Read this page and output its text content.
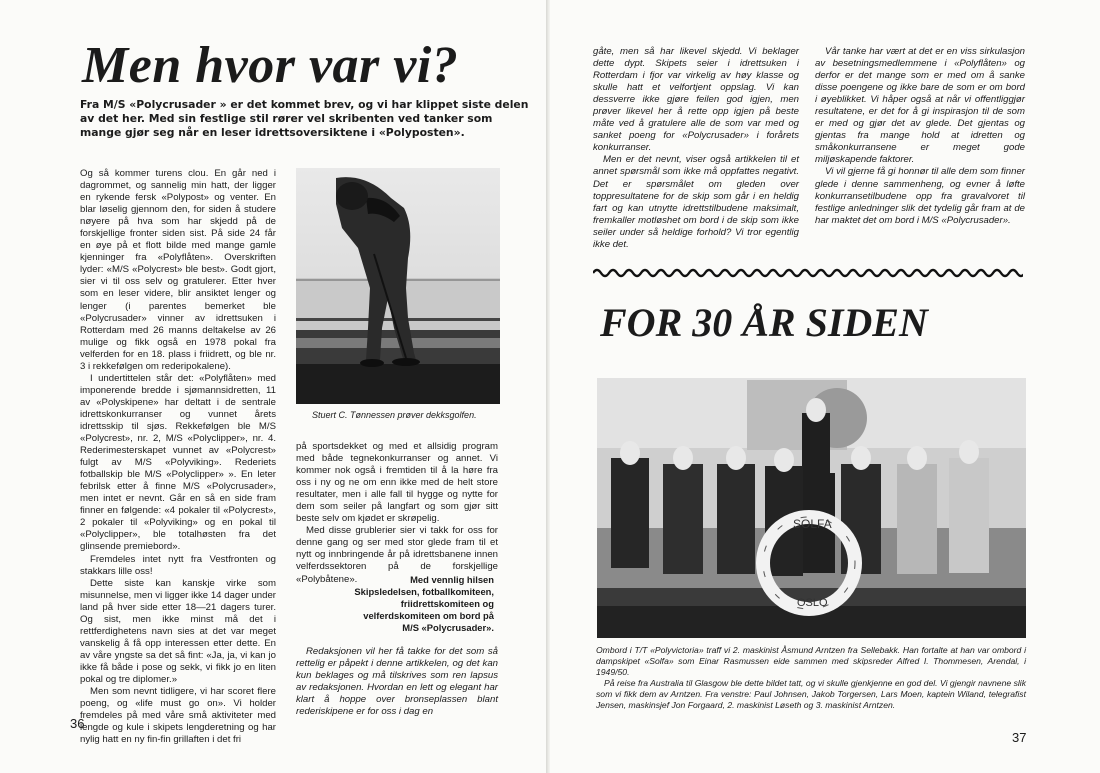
Men hvor var vi?
Fra M/S «Polycrusader » er det kommet brev, og vi har klippet siste delen av det her. Med sin festlige stil rører vel skribenten ved tanker som mange gjør seg når en leser idrettsoversiktene i «Polyposten».

Og så kommer turens clou. En går ned i dagrommet, og sannelig min hatt, der ligger en rykende fersk «Polypost» og venter. En blar løselig gjennom den, for siden å studere nøyere på hva som har skjedd på de forskjellige fronter siden sist. På side 24 får en øye på et flott bilde med mange gamle kjenninger fra «Polyflåten». Overskriften lyder: «M/S «Polycrest» ble best». Godt gjort, sier vi til oss selv og gratulerer. Etter hver som en leser videre, blir ansiktet lenger og lenger (i parentes bemerket ble «Polycrusader» vinner av idrettsuken i Rotterdam med 26 manns deltakelse av 26 mulige og fikk også en 1978 pokal fra velferden for en 18. plass i friidrett, og ble nr. 3 i rekkefølgen om rederipokalene).

I undertittelen står det: «Polyflåten» med imponerende bredde i sjømannsidretten, 11 av «Polyskipene» har deltatt i de sentrale idrettskonkurranser og vunnet årets idrettsskip til sjøs. Rekkefølgen ble M/S «Polycrest», nr. 2, M/S «Polyclipper», nr. 4. Rederimesterskapet vunnet av «Polycrest» fulgt av M/S «Polyviking». Rederiets fotballskip ble M/S «Polyclipper» ». En leter febrilsk etter å finne M/S «Polycrusader», men intet er nevnt. Går en så en side fram finner en følgende: «4 pokaler til «Polycrest», 2 pokaler til «Polyviking» og en pokal til «Polyclipper», ble totalhøsten fra det glinsende premiebord».

Fremdeles intet nytt fra Vestfronten og stakkars lille oss!

Dette siste kan kanskje virke som misunnelse, men vi ligger ikke 14 dager under land på hver side etter 18—21 dagers turer. Og sist, men ikke minst må det i rettferdighetens navn sies at det var meget vanskelig å få opp interessen etter dette. En av våre yngste sa det så fint: «Ja, ja, vi kan jo ikke få både i pose og sekk, vi fikk jo en liten pokal og tre diplomer.»

Men som nevnt tidligere, vi har scoret flere poeng, og «life must go on». Vi holder fremdeles på med våre små aktiviteter med lengde og kule i skipets lengderetning og har nylig hatt en ny fin-fin grillaften i det fri

Stuert C. Tønnessen prøver dekksgolfen.

på sportsdekket og med et allsidig program med både tegnekonkurranser og annet. Vi kommer nok også i fremtiden til å la høre fra oss i ny og ne om enn ikke med de helt store resultater, men i alle fall til hygge og nytte for dem som seiler på langfart og som gjør sitt beste selv om kjødet er skrøpelig.

Med disse grublerier sier vi takk for oss for denne gang og ser med stor glede fram til et nytt og innbringende år på idrettsbanene innen velferdssektoren på de forskjellige «Polybåtene».	Med vennlig hilsen
Skipsledelsen, fotballkomiteen,
friidrettskomiteen og
velferdskomiteen om bord på
M/S «Polycrusader».
Redaksjonen vil her få takke for det som så rettelig er påpekt i denne artikkelen, og det kan kun beklages og må tilskrives som ren lapsus av redaksjonen. Hvordan en lett og elegant har klart å hoppe over bronseplassen blant rederiskipene er for oss i dag en
36

gåte, men så har likevel skjedd. Vi beklager dette dypt. Skipets seier i idrettsuken i Rotterdam i fjor var virkelig av høy klasse og skulle hatt et velfortjent oppslag. Vi kan dessverre ikke gjøre feilen god igjen, men prøver likevel her å rette opp igjen på beste måte ved å gratulere alle de som var med og sanket poeng for «Polycrusader» i forårets konkurranser.

Men er det nevnt, viser også artikkelen til et annet spørsmål som ikke må oppfattes negativt. Det er spørsmålet om gleden over toppresultatene for de skip som går i en heldig fart og kan utnytte idrettstilbudene maksimalt, fremkaller motløshet om bord i de skip som ikke seiler under så heldige forhold? Vi tror egentlig ikke det.

Vår tanke har vært at det er en viss sirkulasjon av besetningsmedlemmene i «Polyflåten» og derfor er det mange som er med om å sanke disse poengene og ikke bare de som er om bord i øyeblikket. Vi håper også at når vi offentliggjør resultatene, er det for å gi inspirasjon til de som er med og gjør det av glede. Det gjentas og gjentas fra mange hold at idretten og småkonkurransene er meget gode miljøskapende faktorer.

Vi vil gjerne få gi honnør til alle dem som finner glede i denne sammenheng, og evner å løfte konkurransetilbudene opp fra gravalvoret til festlige anledninger slik det tydelig går fram at de har maktet det om bord i M/S «Polycrusader».

FOR 30 ÅR SIDEN
SOLFA
OSLO

Ombord i T/T «Polyvictoria» traff vi 2. maskinist Åsmund Arntzen fra Sellebakk. Han fortalte at han var ombord i dampskipet «Solfa» som Einar Rasmussen eide sammen med skipsreder Alfred I. Thommesen, Arendal, i 1949/50.

På reise fra Australia til Glasgow ble dette bildet tatt, og vi skulle gjenkjenne en god del. Vi gjengir navnene slik som vi fikk dem av Arntzen. Fra venstre: Paul Johnsen, Jakob Torgersen, Lars Moen, kaptein Wiland, telegrafist Jensen, maskinsjef Jon Forgaard, 2. maskinist Løseth og 3. maskinist Arntzen.

37
